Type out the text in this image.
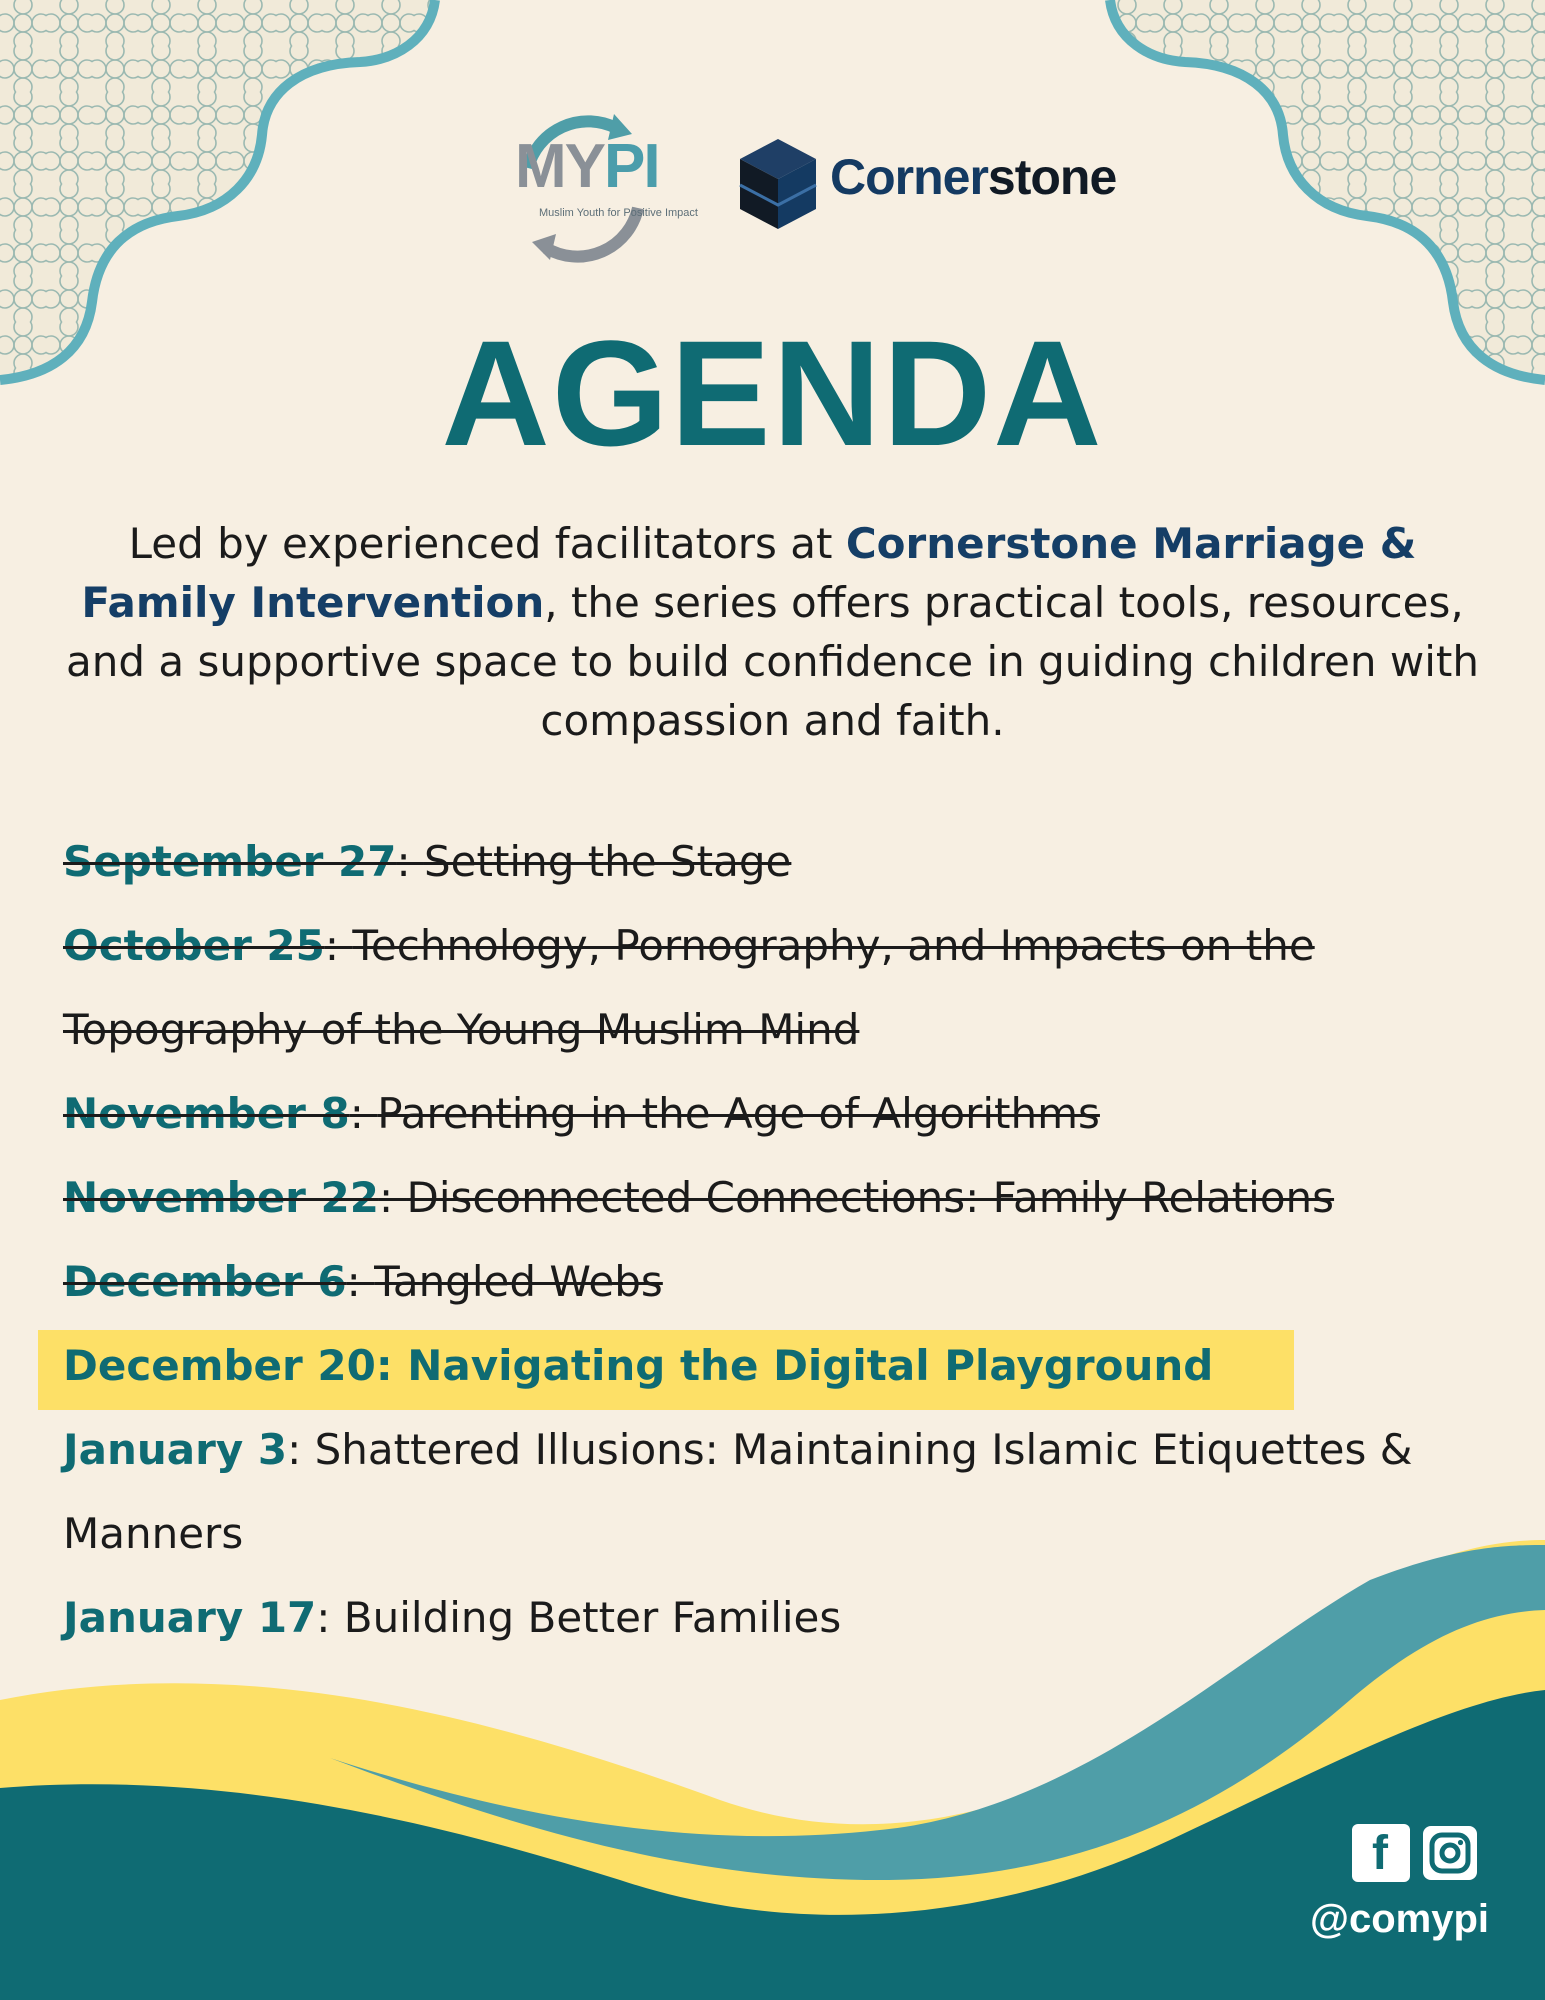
MYPI
Muslim Youth for Positive Impact
Cornerstone
AGENDA

Led by experienced facilitators at Cornerstone Marriage & Family Intervention, the series offers practical tools, resources, and a supportive space to build confidence in guiding children with compassion and faith.

September 27: Setting the Stage
October 25: Technology, Pornography, and Impacts on the Topography of the Young Muslim Mind
November 8: Parenting in the Age of Algorithms
November 22: Disconnected Connections: Family Relations
December 6: Tangled Webs
December 20: Navigating the Digital Playground
January 3: Shattered Illusions: Maintaining Islamic Etiquettes & Manners
January 17: Building Better Families
f
@comypi
